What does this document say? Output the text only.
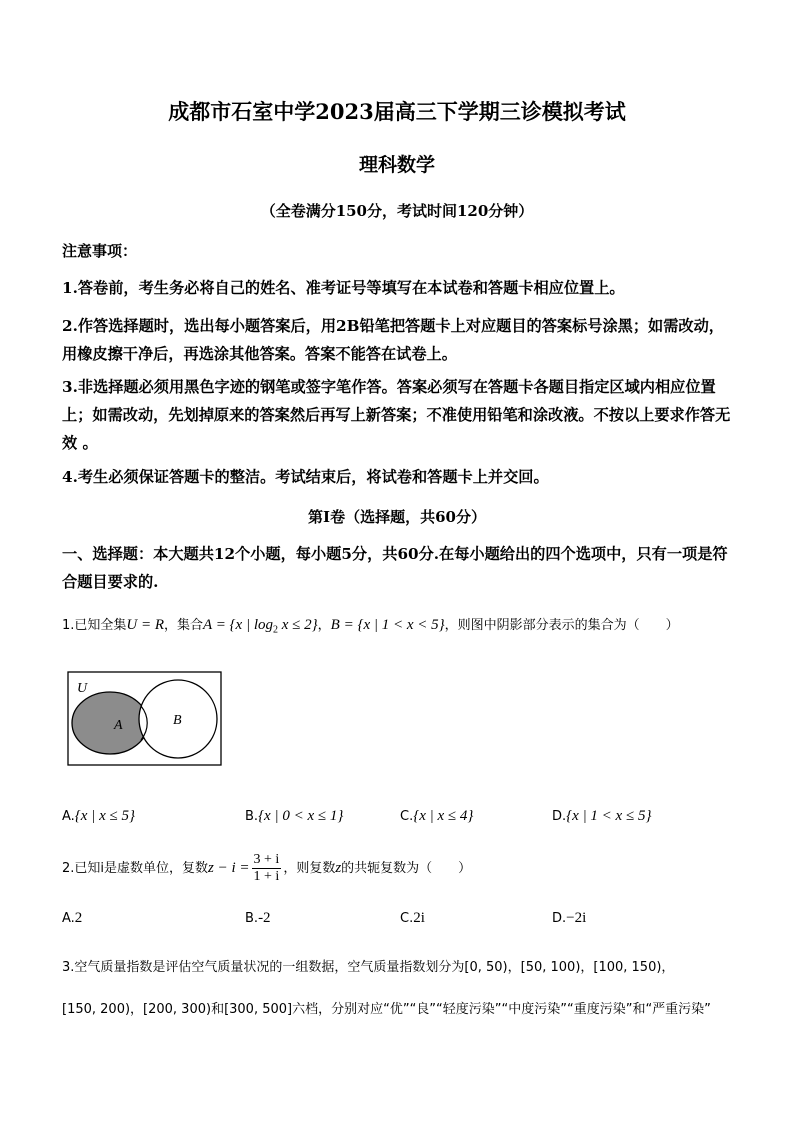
成都市石室中学2023届高三下学期三诊模拟考试
理科数学
（全卷满分150分，考试时间120分钟）
注意事项：
1.答卷前，考生务必将自己的姓名、准考证号等填写在本试卷和答题卡相应位置上。
2.作答选择题时，选出每小题答案后，用2B铅笔把答题卡上对应题目的答案标号涂黑；如需改动，用橡皮擦干净后，再选涂其他答案。答案不能答在试卷上。
3.非选择题必须用黑色字迹的钢笔或签字笔作答。答案必须写在答题卡各题目指定区域内相应位置上；如需改动，先划掉原来的答案然后再写上新答案；不准使用铅笔和涂改液。不按以上要求作答无效 。
4.考生必须保证答题卡的整洁。考试结束后，将试卷和答题卡上并交回。
第Ⅰ卷（选择题，共60分）
一、选择题：本大题共12个小题，每小题5分，共60分.在每小题给出的四个选项中，只有一项是符合题目要求的.
1.已知全集U = R，集合A = {x | $\log_2 x \le 2$}，B = {x | 1 < x < 5}，则图中阴影部分表示的集合为（　　）
U
A	B
A.{x | x ≤ 5}	B.{x | 0 < x ≤ 1}	C.{x | x ≤ 4}	D.{x | 1 < x ≤ 5}
2.已知i是虚数单位，复数$z - i = \frac{3 + i}{1 + i}$ ，则复数z的共轭复数为（　　）
A.2	B.-2	C.2i	D.−2i
3.空气质量指数是评估空气质量状况的一组数据，空气质量指数划分为[0, 50)，[50, 100)，[100, 150)，
[150, 200)，[200, 300)和[300, 500]六档，分别对应“优”“良”“轻度污染”“中度污染”“重度污染”和“严重污染”
